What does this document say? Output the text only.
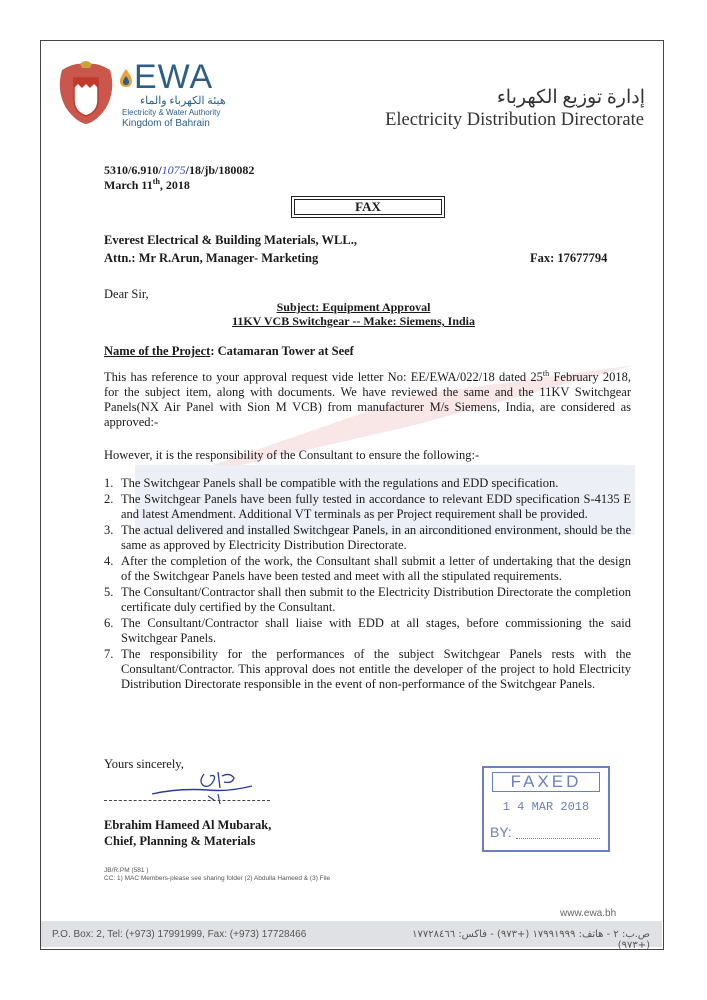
EWA
هيئة الكهرباء والماء
Electricity & Water Authority
Kingdom of Bahrain
إدارة توزيع الكهرباء
Electricity Distribution Directorate
5310/6.910/1075/18/jb/180082
March 11th, 2018
FAX
Everest Electrical & Building Materials, WLL.,
Attn.: Mr R.Arun, Manager- Marketing	Fax: 17677794
Dear Sir,
Subject: Equipment Approval
11KV VCB Switchgear -- Make: Siemens, India
Name of the Project: Catamaran Tower at Seef
This has reference to your approval request vide letter No: EE/EWA/022/18 dated 25th February 2018, for the subject item, along with documents. We have reviewed the same and the 11KV Switchgear Panels(NX Air Panel with Sion M VCB) from manufacturer M/s Siemens, India, are considered as approved:-
However, it is the responsibility of the Consultant to ensure the following:-
1. The Switchgear Panels shall be compatible with the regulations and EDD specification.
2. The Switchgear Panels have been fully tested in accordance to relevant EDD specification S-4135 E and latest Amendment. Additional VT terminals as per Project requirement shall be provided.
3. The actual delivered and installed Switchgear Panels, in an airconditioned environment, should be the same as approved by Electricity Distribution Directorate.
4. After the completion of the work, the Consultant shall submit a letter of undertaking that the design of the Switchgear Panels have been tested and meet with all the stipulated requirements.
5. The Consultant/Contractor shall then submit to the Electricity Distribution Directorate the completion certificate duly certified by the Consultant.
6. The Consultant/Contractor shall liaise with EDD at all stages, before commissioning the said Switchgear Panels.
7. The responsibility for the performances of the subject Switchgear Panels rests with the Consultant/Contractor. This approval does not entitle the developer of the project to hold Electricity Distribution Directorate responsible in the event of non-performance of the Switchgear Panels.
Yours sincerely,
Ebrahim Hameed Al Mubarak,
Chief, Planning & Materials
FAXED
1 4 MAR 2018
BY:
JB/R.PM (581 )
CC: 1) MAC Members-please see sharing folder (2) Abdulla Hameed & (3) File
www.ewa.bh
P.O. Box: 2, Tel: (+973) 17991999, Fax: (+973) 17728466	ص.ب: ٢ - هاتف: ١٧٩٩١٩٩٩ (+٩٧٣) - فاكس: ١٧٧٢٨٤٦٦ (+٩٧٣)
